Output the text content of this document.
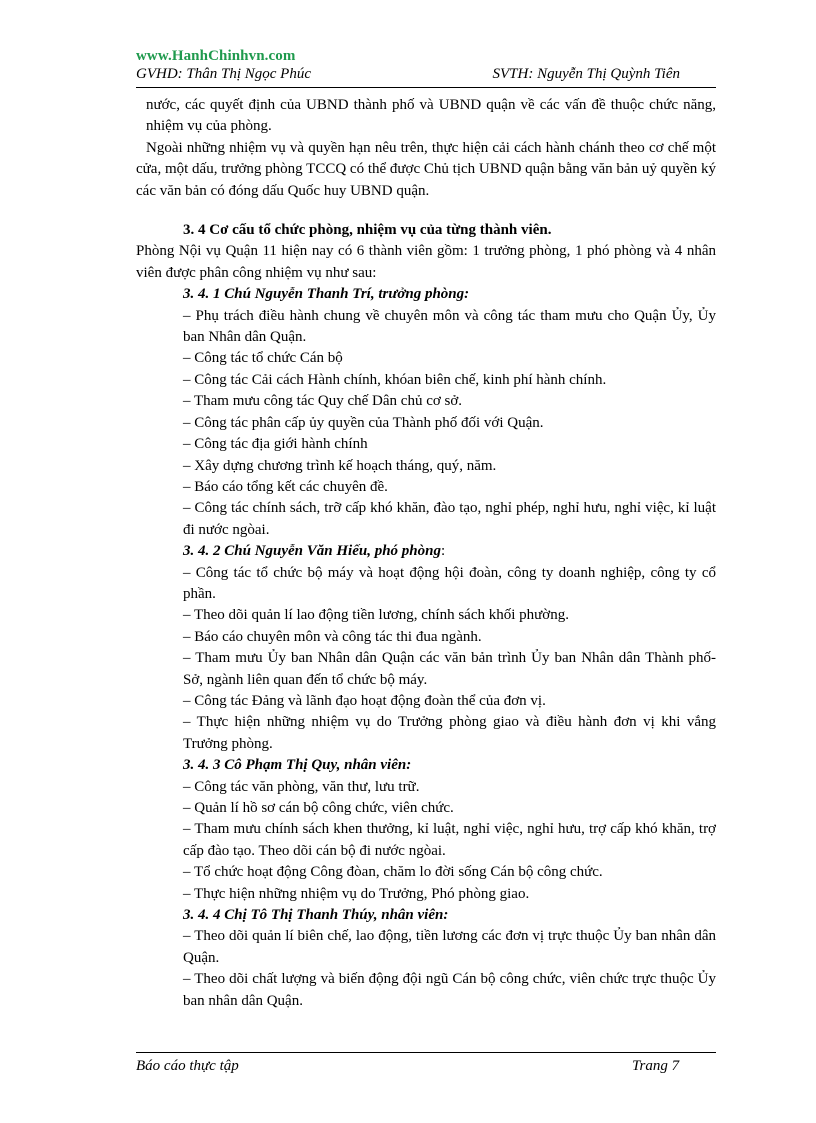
www.HanhChinhvn.com
GVHD: Thân Thị Ngọc Phúc	SVTH: Nguyễn Thị Quỳnh Tiên

nước, các quyết định của UBND thành phố và UBND quận về các vấn đề thuộc chức năng, nhiệm vụ của phòng.

Ngoài những nhiệm vụ và quyền hạn nêu trên, thực hiện cải cách hành chánh theo cơ chế một cửa, một dấu, trưởng phòng TCCQ có thể được Chủ tịch UBND quận bằng văn bản uỷ quyền ký các văn bản có đóng dấu Quốc huy UBND quận.

3. 4 Cơ cấu tổ chức phòng, nhiệm vụ của từng thành viên.

Phòng Nội vụ Quận 11 hiện nay có 6 thành viên gồm: 1 trưởng phòng, 1 phó phòng và 4 nhân viên được phân công nhiệm vụ như sau:

3. 4. 1 Chú Nguyễn Thanh Trí, trưởng phòng:

– Phụ trách điều hành chung về chuyên môn và công tác tham mưu cho Quận Ủy, Ủy ban Nhân dân Quận.

– Công tác tổ chức Cán bộ

– Công tác Cải cách Hành chính, khóan biên chế, kinh phí hành chính.

– Tham mưu công tác Quy chế Dân chủ cơ sở.

– Công tác phân cấp ủy quyền của Thành phố đối với Quận.

– Công tác địa giới hành chính

– Xây dựng chương trình kế hoạch tháng, quý, năm.

– Báo cáo tổng kết các chuyên đề.

– Công tác chính sách, trỡ cấp khó khăn, đào tạo, nghỉ phép, nghỉ hưu, nghỉ việc, kỉ luật đi nước ngòai.

3. 4. 2 Chú Nguyễn Văn Hiếu, phó phòng:

– Công tác tổ chức bộ máy và hoạt động hội đoàn, công ty doanh nghiệp, công ty cổ phần.

– Theo dõi quản lí lao động tiền lương, chính sách khối phường.

– Báo cáo chuyên môn và công tác thi đua ngành.

– Tham mưu Ủy ban Nhân dân Quận các văn bản trình Ủy ban Nhân dân Thành phố- Sở, ngành liên quan đến tổ chức bộ máy.

– Công tác Đảng và lãnh đạo hoạt động đoàn thể của đơn vị.

– Thực hiện những nhiệm vụ do Trưởng phòng giao và điều hành đơn vị khi vắng Trưởng phòng.

3. 4. 3 Cô Phạm Thị Quy, nhân viên:

– Công tác văn phòng, văn thư, lưu trữ.

– Quản lí hồ sơ cán bộ công chức, viên chức.

– Tham mưu chính sách khen thưởng, kỉ luật, nghỉ việc, nghỉ hưu, trợ cấp khó khăn, trợ cấp đào tạo. Theo dõi cán bộ đi nước ngòai.

– Tổ chức hoạt động Công đòan, chăm lo đời sống Cán bộ công chức.

– Thực hiện những nhiệm vụ do Trưởng, Phó phòng giao.

3. 4. 4 Chị Tô Thị Thanh Thúy, nhân viên:

– Theo dõi quản lí biên chế, lao động, tiền lương các đơn vị trực thuộc Ủy ban nhân dân Quận.

– Theo dõi chất lượng và biến động đội ngũ Cán bộ công chức, viên chức trực thuộc Ủy ban nhân dân Quận.

Báo cáo thực tập	Trang 7
